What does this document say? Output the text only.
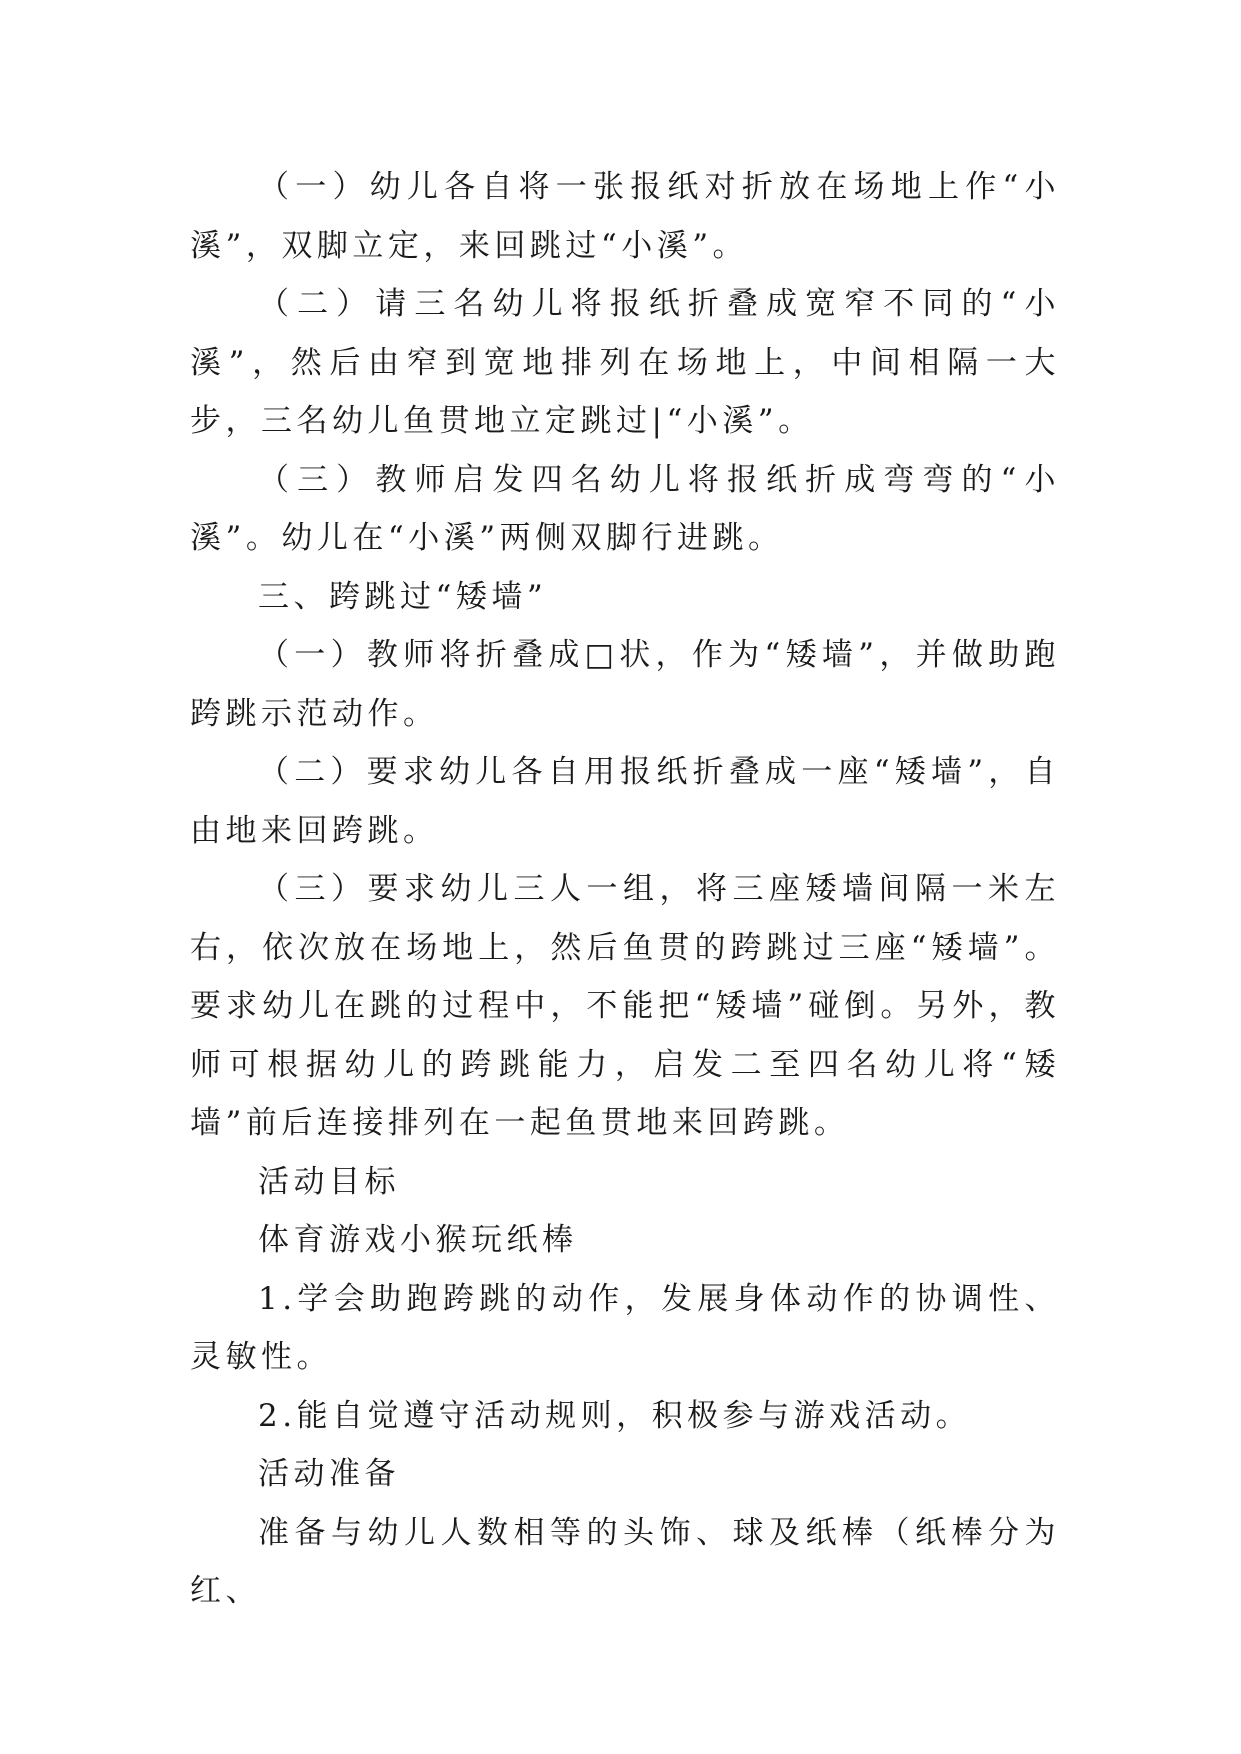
（一）幼儿各自将一张报纸对折放在场地上作“小溪”，双脚立定，来回跳过“小溪”。

（二）请三名幼儿将报纸折叠成宽窄不同的“小溪”，然后由窄到宽地排列在场地上，中间相隔一大步，三名幼儿鱼贯地立定跳过|“小溪”。

（三）教师启发四名幼儿将报纸折成弯弯的“小溪”。幼儿在“小溪”两侧双脚行进跳。

三、跨跳过“矮墙”

（一）教师将折叠成□状，作为“矮墙”，并做助跑跨跳示范动作。

（二）要求幼儿各自用报纸折叠成一座“矮墙”，自由地来回跨跳。

（三）要求幼儿三人一组，将三座矮墙间隔一米左右，依次放在场地上，然后鱼贯的跨跳过三座“矮墙”。要求幼儿在跳的过程中，不能把“矮墙”碰倒。另外，教师可根据幼儿的跨跳能力，启发二至四名幼儿将“矮墙”前后连接排列在一起鱼贯地来回跨跳。

活动目标

体育游戏小猴玩纸棒

1.学会助跑跨跳的动作，发展身体动作的协调性、灵敏性。

2.能自觉遵守活动规则，积极参与游戏活动。

活动准备

准备与幼儿人数相等的头饰、球及纸棒（纸棒分为红、
